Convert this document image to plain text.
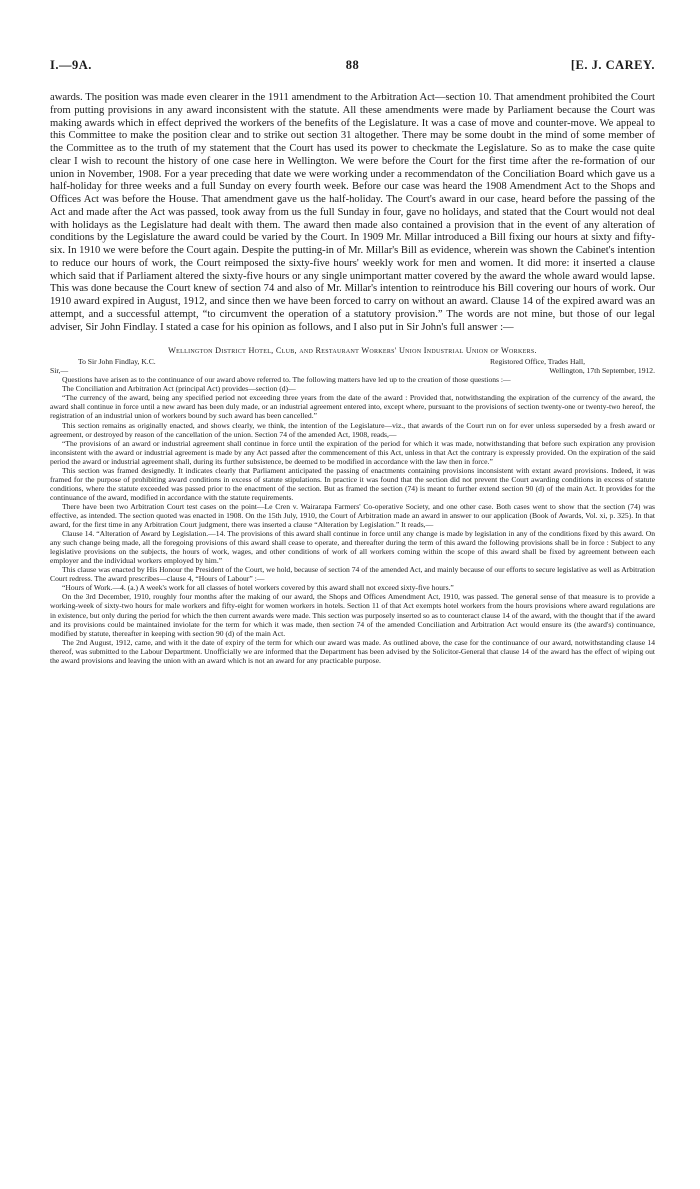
I.—9A.	88	[E. J. CAREY.

awards. The position was made even clearer in the 1911 amendment to the Arbitration Act—section 10. That amendment prohibited the Court from putting provisions in any award inconsistent with the statute. All these amendments were made by Parliament because the Court was making awards which in effect deprived the workers of the benefits of the Legislature. It was a case of move and counter-move. We appeal to this Committee to make the position clear and to strike out section 31 altogether. There may be some doubt in the mind of some member of the Committee as to the truth of my statement that the Court has used its power to checkmate the Legislature. So as to make the case quite clear I wish to recount the history of one case here in Wellington. We were before the Court for the first time after the re-formation of our union in November, 1908. For a year preceding that date we were working under a recommendaton of the Conciliation Board which gave us a half-holiday for three weeks and a full Sunday on every fourth week. Before our case was heard the 1908 Amendment Act to the Shops and Offices Act was before the House. That amendment gave us the half-holiday. The Court's award in our case, heard before the passing of the Act and made after the Act was passed, took away from us the full Sunday in four, gave no holidays, and stated that the Court would not deal with holidays as the Legislature had dealt with them. The award then made also contained a provision that in the event of any alteration of conditions by the Legislature the award could be varied by the Court. In 1909 Mr. Millar introduced a Bill fixing our hours at sixty and fifty-six. In 1910 we were before the Court again. Despite the putting-in of Mr. Millar's Bill as evidence, wherein was shown the Cabinet's intention to reduce our hours of work, the Court reimposed the sixty-five hours' weekly work for men and women. It did more: it inserted a clause which said that if Parliament altered the sixty-five hours or any single unimportant matter covered by the award the whole award would lapse. This was done because the Court knew of section 74 and also of Mr. Millar's intention to reintroduce his Bill covering our hours of work. Our 1910 award expired in August, 1912, and since then we have been forced to carry on without an award. Clause 14 of the expired award was an attempt, and a successful attempt, “to circumvent the operation of a statutory provision.” The words are not mine, but those of our legal adviser, Sir John Findlay. I stated a case for his opinion as follows, and I also put in Sir John's full answer :—

Wellington District Hotel, Club, and Restaurant Workers' Union Industrial Union of Workers.

To Sir John Findlay, K.C.	Registored Office, Trades Hall,
Sir,—	Wellington, 17th September, 1912.

Questions have arisen as to the continuance of our award above referred to. The following matters have led up to the creation of those questions :—

The Conciliation and Arbitration Act (principal Act) provides—section (d)—

“The currency of the award, being any specified period not exceeding three years from the date of the award : Provided that, notwithstanding the expiration of the currency of the award, the award shall continue in force until a new award has been duly made, or an industrial agreement entered into, except where, pursuant to the provisions of section twenty-one or twenty-two hereof, the registration of an industrial union of workers bound by such award has been cancelled.”

This section remains as originally enacted, and shows clearly, we think, the intention of the Legislature—viz., that awards of the Court run on for ever unless superseded by a fresh award or agreement, or destroyed by reason of the cancellation of the union. Section 74 of the amended Act, 1908, reads,—

“The provisions of an award or industrial agreement shall continue in force until the expiration of the period for which it was made, notwithstanding that before such expiration any provision inconsistent with the award or industrial agreement is made by any Act passed after the commencement of this Act, unless in that Act the contrary is expressly provided. On the expiration of the said period the award or industrial agreement shall, during its further subsistence, be deemed to be modified in accordance with the law then in force.”

This section was framed designedly. It indicates clearly that Parliament anticipated the passing of enactments containing provisions inconsistent with extant award provisions. Indeed, it was framed for the purpose of prohibiting award conditions in excess of statute stipulations. In practice it was found that the section did not prevent the Court awarding conditions in excess of statute conditions, where the statute exceeded was passed prior to the enactment of the section. But as framed the section (74) is meant to further extend section 90 (d) of the main Act. It provides for the continuance of the award, modified in accordance with the statute requirements.

There have been two Arbitration Court test cases on the point—Le Cren v. Wairarapa Farmers' Co-operative Society, and one other case. Both cases went to show that the section (74) was effective, as intended. The section quoted was enacted in 1908. On the 15th July, 1910, the Court of Arbitration made an award in answer to our application (Book of Awards, Vol. xi, p. 325). In that award, for the first time in any Arbitration Court judgment, there was inserted a clause “Alteration by Legislation.” It reads,—

Clause 14. “Alteration of Award by Legislation.—14. The provisions of this award shall continue in force until any change is made by legislation in any of the conditions fixed by this award. On any such change being made, all the foregoing provisions of this award shall cease to operate, and thereafter during the term of this award the following provisions shall be in force : Subject to any legislative provisions on the subjects, the hours of work, wages, and other conditions of work of all workers coming within the scope of this award shall be fixed by agreement between each employer and the individual workers employed by him.”

This clause was enacted by His Honour the President of the Court, we hold, because of section 74 of the amended Act, and mainly because of our efforts to secure legislative as well as Arbitration Court redress. The award prescribes—clause 4, “Hours of Labour” :—

“Hours of Work.—4. (a.) A week's work for all classes of hotel workers covered by this award shall not exceed sixty-five hours.”

On the 3rd December, 1910, roughly four months after the making of our award, the Shops and Offices Amendment Act, 1910, was passed. The general sense of that measure is to provide a working-week of sixty-two hours for male workers and fifty-eight for women workers in hotels. Section 11 of that Act exempts hotel workers from the hours provisions where award regulations are in existence, but only during the period for which the then current awards were made. This section was purposely inserted so as to counteract clause 14 of the award, with the thought that if the award and its provisions could be maintained inviolate for the term for which it was made, then section 74 of the amended Conciliation and Arbitration Act would ensure its (the award's) continuance, modified by statute, thereafter in keeping with section 90 (d) of the main Act.

The 2nd August, 1912, came, and with it the date of expiry of the term for which our award was made. As outlined above, the case for the continuance of our award, notwithstanding clause 14 thereof, was submitted to the Labour Department. Unofficially we are informed that the Department has been advised by the Solicitor-General that clause 14 of the award has the effect of wiping out the award provisions and leaving the union with an award which is not an award for any practicable purpose.
